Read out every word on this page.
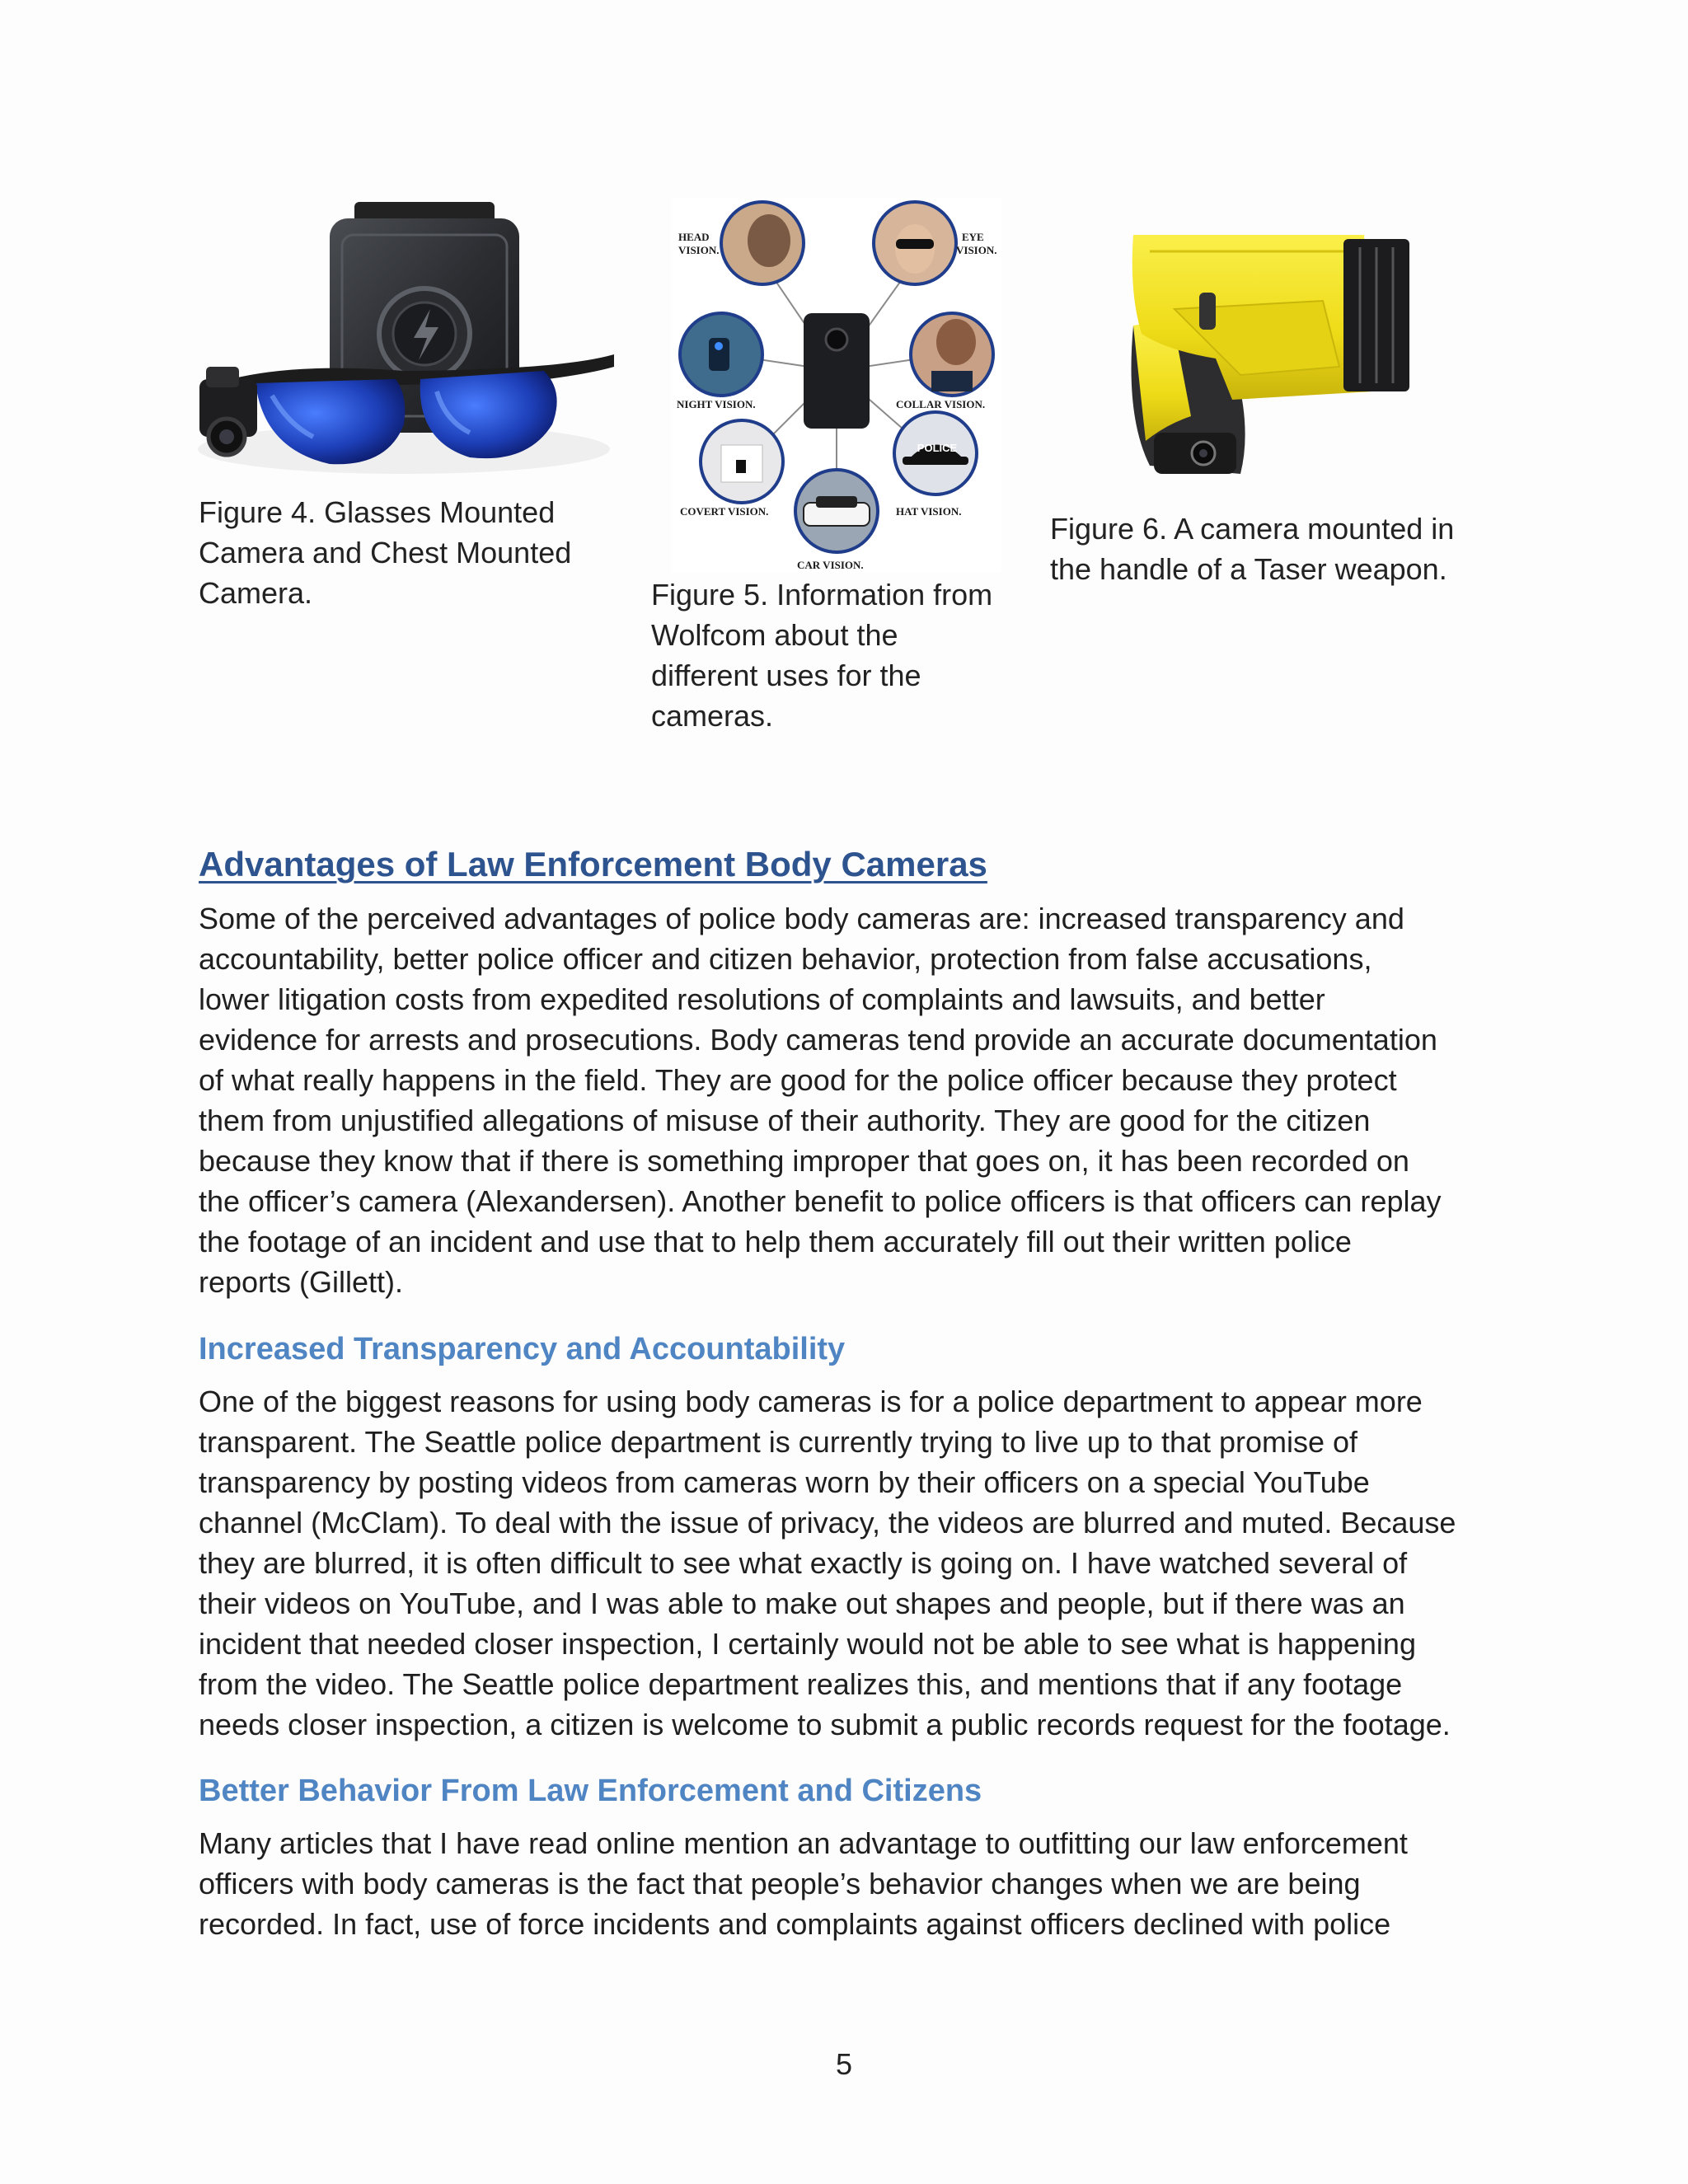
Figure 4. Glasses Mounted
Camera and Chest Mounted
Camera.
POLICE
HEAD
VISION.
EYE
VISION.
NIGHT VISION.	COLLAR VISION.
COVERT VISION.	HAT VISION.
CAR VISION.
Figure 5. Information from
Wolfcom about the
different uses for the
cameras.
Figure 6. A camera mounted in
the handle of a Taser weapon.
Advantages of Law Enforcement Body Cameras
Some of the perceived advantages of police body cameras are: increased transparency and
accountability, better police officer and citizen behavior, protection from false accusations,
lower litigation costs from expedited resolutions of complaints and lawsuits, and better
evidence for arrests and prosecutions. Body cameras tend provide an accurate documentation
of what really happens in the field. They are good for the police officer because they protect
them from unjustified allegations of misuse of their authority. They are good for the citizen
because they know that if there is something improper that goes on, it has been recorded on
the officer’s camera (Alexandersen). Another benefit to police officers is that officers can replay
the footage of an incident and use that to help them accurately fill out their written police
reports (Gillett).
Increased Transparency and Accountability
One of the biggest reasons for using body cameras is for a police department to appear more
transparent. The Seattle police department is currently trying to live up to that promise of
transparency by posting videos from cameras worn by their officers on a special YouTube
channel (McClam). To deal with the issue of privacy, the videos are blurred and muted. Because
they are blurred, it is often difficult to see what exactly is going on. I have watched several of
their videos on YouTube, and I was able to make out shapes and people, but if there was an
incident that needed closer inspection, I certainly would not be able to see what is happening
from the video. The Seattle police department realizes this, and mentions that if any footage
needs closer inspection, a citizen is welcome to submit a public records request for the footage.
Better Behavior From Law Enforcement and Citizens
Many articles that I have read online mention an advantage to outfitting our law enforcement
officers with body cameras is the fact that people’s behavior changes when we are being
recorded. In fact, use of force incidents and complaints against officers declined with police
5
